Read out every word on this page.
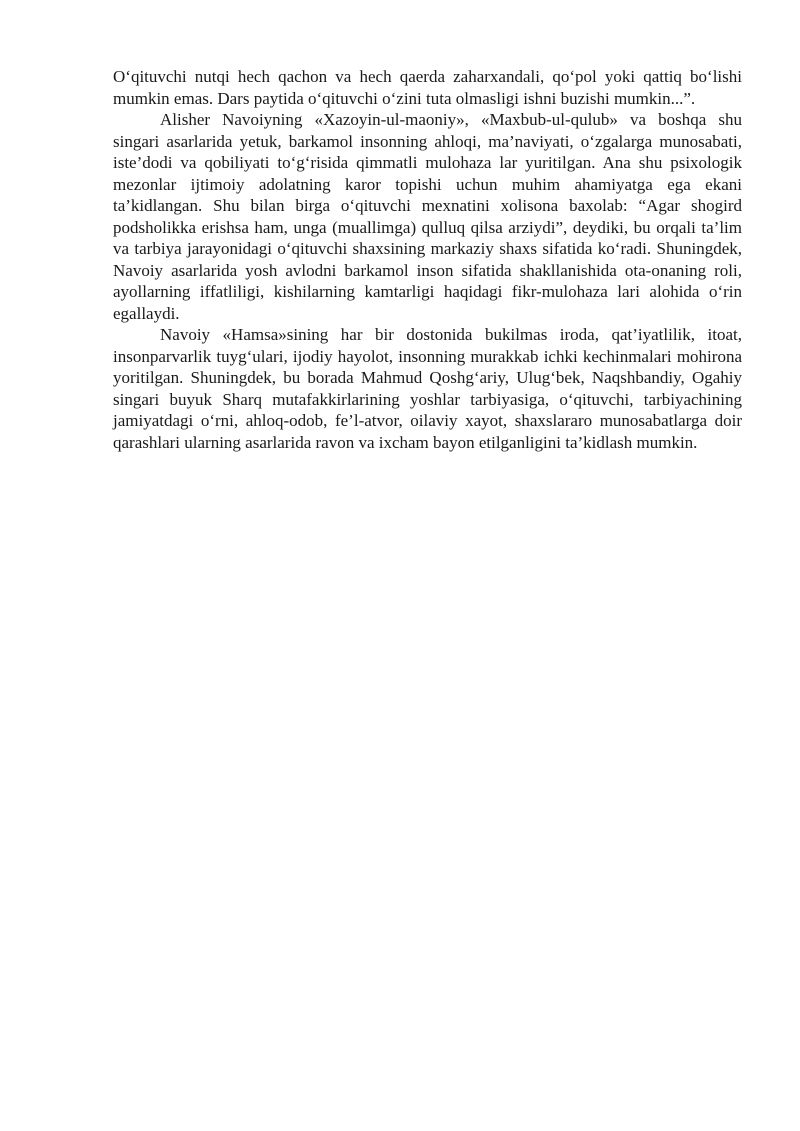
O‘qituvchi nutqi hech qachon va hech qaerda zaharxandali, qo‘pol yoki qattiq bo‘lishi mumkin emas. Dars paytida o‘qituvchi o‘zini tuta olmasligi ishni buzishi mumkin...”.

Alisher Navoiyning «Xazoyin-ul-maoniy», «Maxbub-ul-qulub» va boshqa shu singari asarlarida yetuk, barkamol insonning ahloqi, ma’naviyati, o‘zgalarga munosabati, iste’dodi va qobiliyati to‘g‘risida qimmatli mulohaza lar yuritilgan. Ana shu psixologik mezonlar ijtimoiy adolatning karor topishi uchun muhim ahamiyatga ega ekani ta’kidlangan. Shu bilan birga o‘qituvchi mexnatini xolisona baxolab: “Agar shogird podsholikka erishsa ham, unga (muallimga) qulluq qilsa arziydi”, deydiki, bu orqali ta’lim va tarbiya jarayonidagi o‘qituvchi shaxsining markaziy shaxs sifatida ko‘radi. Shuningdek, Navoiy asarlarida yosh avlodni barkamol inson sifatida shakllanishida ota-onaning roli, ayollarning iffatliligi, kishilarning kamtarligi haqidagi fikr-mulohaza lari alohida o‘rin egallaydi.

Navoiy «Hamsa»sining har bir dostonida bukilmas iroda, qat’iyatlilik, itoat, insonparvarlik tuyg‘ulari, ijodiy hayolot, insonning murakkab ichki kechinmalari mohirona yoritilgan. Shuningdek, bu borada Mahmud Qoshg‘ariy, Ulug‘bek, Naqshbandiy, Ogahiy singari buyuk Sharq mutafakkirlarining yoshlar tarbiyasiga, o‘qituvchi, tarbiyachining jamiyatdagi o‘rni, ahloq-odob, fe’l-atvor, oilaviy xayot, shaxslararo munosabatlarga doir qarashlari ularning asarlarida ravon va ixcham bayon etilganligini ta’kidlash mumkin.
